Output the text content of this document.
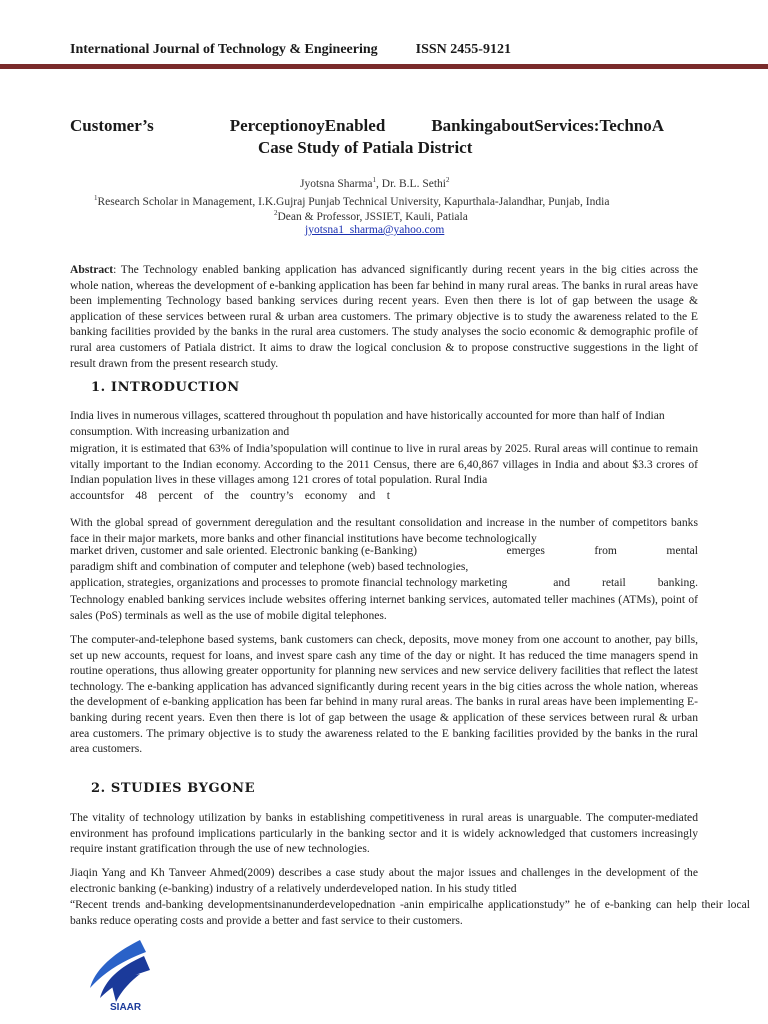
International Journal of Technology & Engineering	ISSN 2455-9121
Customer’s	PerceptionoyEnabled	BankingaboutServices:TechnoA
Case Study of Patiala District
Jyotsna Sharma$^1$, Dr. B.L. Sethi$^2$
$^1$Research Scholar in Management, I.K.Gujraj Punjab Technical University, Kapurthala-Jalandhar, Punjab, India
$^2$Dean & Professor, JSSIET, Kauli, Patiala
jyotsna1_sharma@yahoo.com
Abstract: The Technology enabled banking application has advanced significantly during recent years in the big cities across the whole nation, whereas the development of e-banking application has been far behind in many rural areas. The banks in rural areas have been implementing Technology based banking services during recent years. Even then there is lot of gap between the usage & application of these services between rural & urban area customers. The primary objective is to study the awareness related to the E banking facilities provided by the banks in the rural area customers. The study analyses the socio economic & demographic profile of rural area customers of Patiala district. It aims to draw the logical conclusion & to propose constructive suggestions in the light of result drawn from the present research study.
1. INTRODUCTION
India lives in numerous villages, scattered throughout th population and have historically accounted for more than half of Indian consumption. With increasing urbanization and
migration, it is estimated that 63% of India’spopulation will continue to live in rural areas by 2025. Rural areas will continue to remain vitally important to the Indian economy. According to the 2011 Census, there are 6,40,867 villages in India and about $3.3 crores of Indian population lives in these villages among 121 crores of total population. Rural India
accountsfor 48 percent of the country’s economy and t
With the global spread of government deregulation and the resultant consolidation and increase in the number of competitors banks face in their major markets, more banks and other financial institutions have become technologically
market driven, customer and sale oriented. Electronic banking (e-Banking)	emerges	from	mental
paradigm shift and combination of computer and telephone (web) based technologies,
application, strategies, organizations and processes to promote financial technology marketing	and	retail	banking.
Technology enabled banking services include websites offering internet banking services, automated teller machines (ATMs), point of sales (PoS) terminals as well as the use of mobile digital telephones.
The computer-and-telephone based systems, bank customers can check, deposits, move money from one account to another, pay bills, set up new accounts, request for loans, and invest spare cash any time of the day or night. It has reduced the time managers spend in routine operations, thus allowing greater opportunity for planning new services and new service delivery facilities that reflect the latest technology. The e-banking application has advanced significantly during recent years in the big cities across the whole nation, whereas the development of e-banking application has been far behind in many rural areas. The banks in rural areas have been implementing E-banking during recent years. Even then there is lot of gap between the usage & application of these services between rural & urban area customers. The primary objective is to study the awareness related to the E banking facilities provided by the banks in the rural area customers.
2. STUDIES BYGONE
The vitality of technology utilization by banks in establishing competitiveness in rural areas is unarguable. The computer-mediated environment has profound implications particularly in the banking sector and it is widely acknowledged that customers increasingly require instant gratification through the use of new technologies.
Jiaqin Yang and Kh Tanveer Ahmed(2009) describes a case study about the major issues and challenges in the development of the electronic banking (e-banking) industry of a relatively underdeveloped nation. In his study titled
“Recent trends and-banking developmentsinanunderdevelopednation -anin empiricalhe applicationstudy” he of e-banking can help their local banks reduce operating costs and provide a better and fast service to their customers.
SIAAR
